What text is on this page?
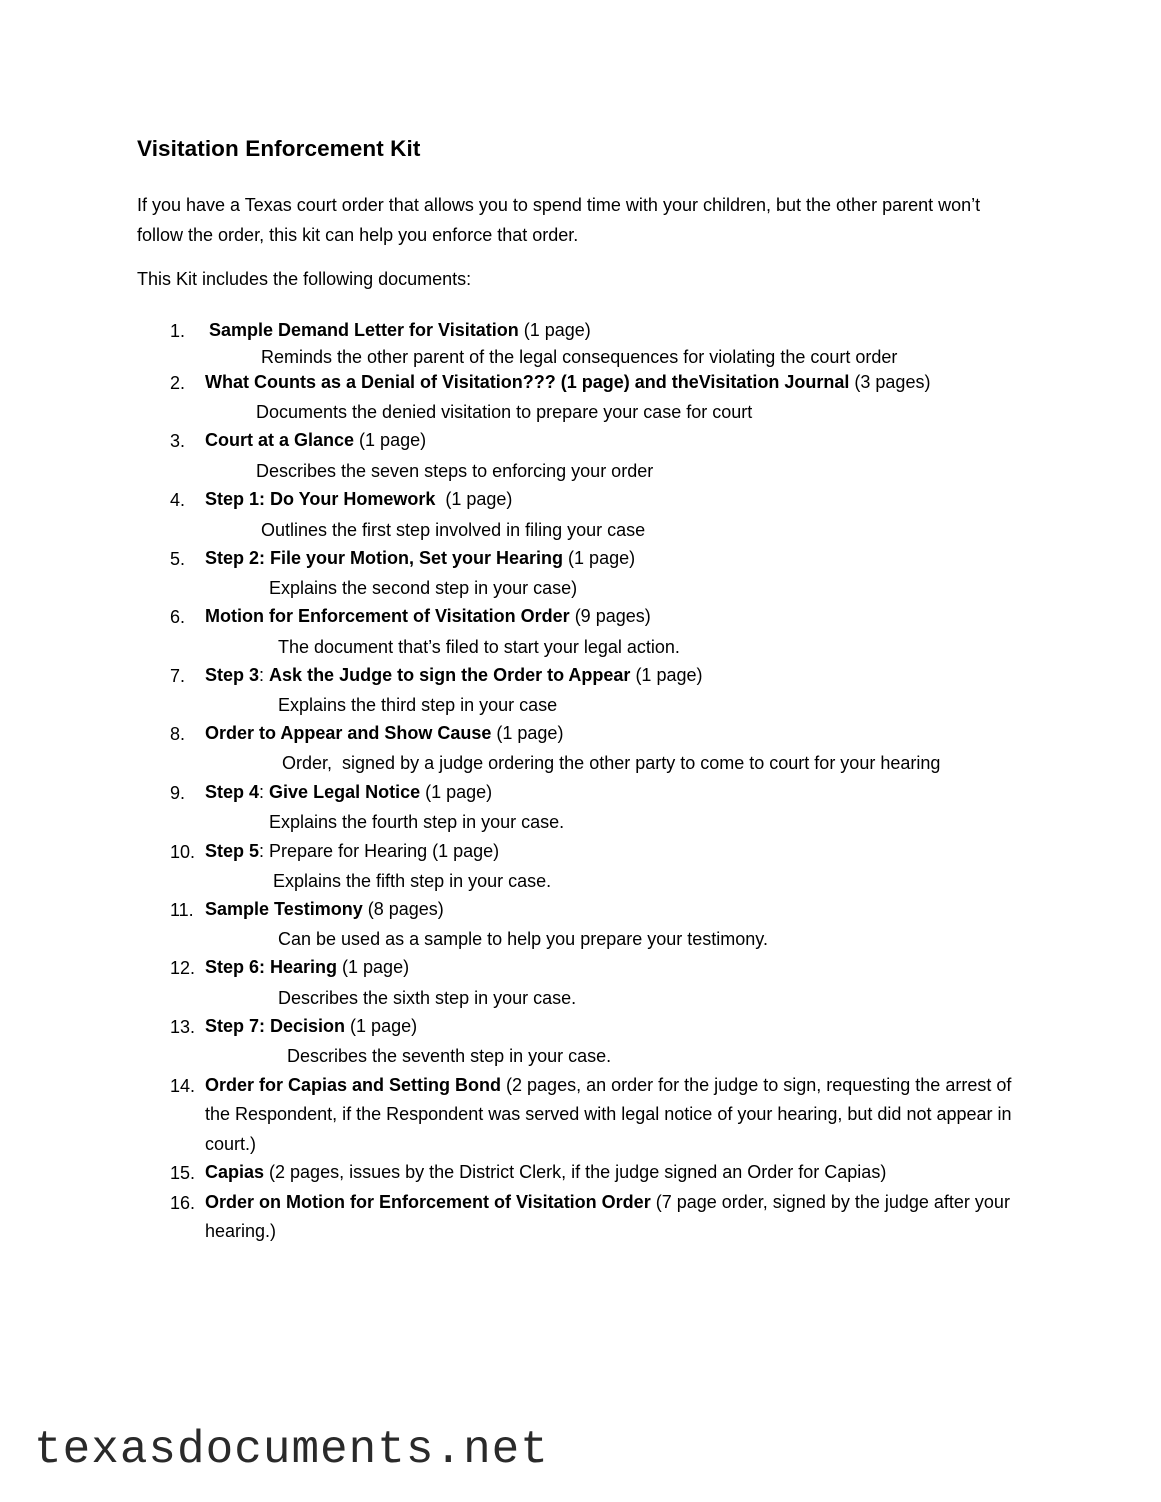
Visitation Enforcement Kit
If you have a Texas court order that allows you to spend time with your children, but the other parent won’t follow the order, this kit can help you enforce that order.
This Kit includes the following documents:
1. Sample Demand Letter for Visitation (1 page)
Reminds the other parent of the legal consequences for violating the court order
2. What Counts as a Denial of Visitation??? (1 page) and theVisitation Journal (3 pages)
Documents the denied visitation to prepare your case for court
3. Court at a Glance (1 page)
Describes the seven steps to enforcing your order
4. Step 1: Do Your Homework  (1 page)
Outlines the first step involved in filing your case
5. Step 2: File your Motion, Set your Hearing (1 page)
Explains the second step in your case)
6. Motion for Enforcement of Visitation Order (9 pages)
The document that’s filed to start your legal action.
7. Step 3: Ask the Judge to sign the Order to Appear (1 page)
Explains the third step in your case
8. Order to Appear and Show Cause (1 page)
Order,  signed by a judge ordering the other party to come to court for your hearing
9. Step 4: Give Legal Notice (1 page)
Explains the fourth step in your case.
10. Step 5: Prepare for Hearing (1 page)
Explains the fifth step in your case.
11. Sample Testimony (8 pages)
Can be used as a sample to help you prepare your testimony.
12. Step 6: Hearing (1 page)
Describes the sixth step in your case.
13. Step 7: Decision (1 page)
Describes the seventh step in your case.
14. Order for Capias and Setting Bond (2 pages, an order for the judge to sign, requesting the arrest of the Respondent, if the Respondent was served with legal notice of your hearing, but did not appear in court.)
15. Capias (2 pages, issues by the District Clerk, if the judge signed an Order for Capias)
16. Order on Motion for Enforcement of Visitation Order (7 page order, signed by the judge after your hearing.)
texasdocuments.net
